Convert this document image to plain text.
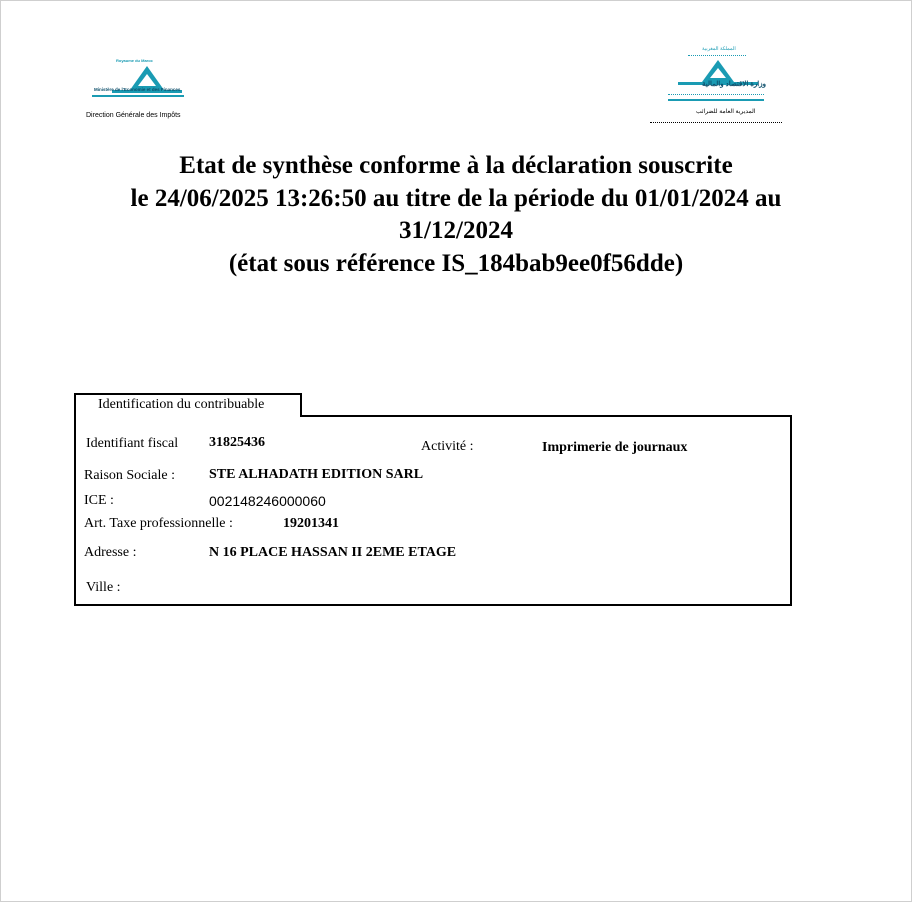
Royaume du Maroc
Ministère de l'Economie et des Finances
Direction Générale des Impôts
المملكة المغربية
وزارة الاقتصاد والمالية
المديرية العامة للضرائب
Etat de synthèse conforme à la déclaration souscrite
le 24/06/2025 13:26:50 au titre de la période du 01/01/2024 au
31/12/2024
(état sous référence IS_184bab9ee0f56dde)
Identification du contribuable
Identifiant fiscal 31825436	Activité :	Imprimerie de journaux
Raison Sociale : STE ALHADATH EDITION SARL
ICE :	002148246000060
Art. Taxe professionnelle :	19201341
Adresse :	N 16 PLACE HASSAN II 2EME ETAGE
Ville :
